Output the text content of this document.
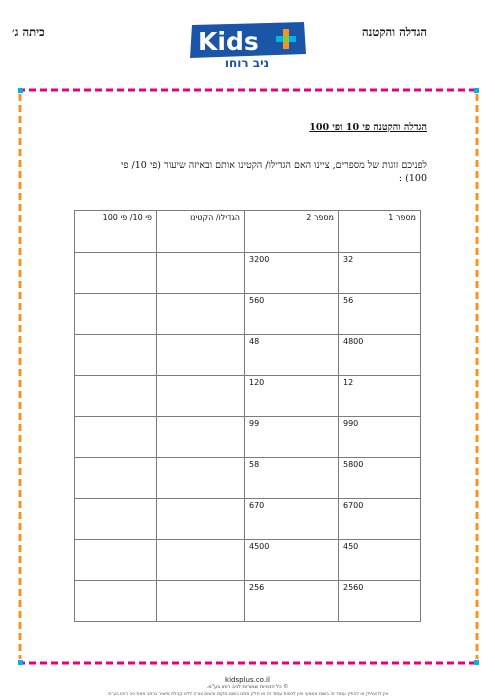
כיתה ג׳	הגדלה והקטנה
Kids
ניב רוחו
הגדלה והקטנה פי 10 ופי 100
לפניכם זוגות של מספרים, ציינו האם הגדילו/ הקטינו אותם ובאיזה שיעור (פי 10/ פי 100) :
מספר 1	מספר 2	הגדילו/ הקטינו	פי 10/ פי 100
32	3200		
56	560		
4800	48		
12	120		
990	99		
5800	58		
6700	670		
450	4500		
2560	256		
kidsplus.co.il
© כל הזכויות שמורות לניב רוחו בע"מ.
אין להעתיק או להפיץ עמוד זה בשום אמצעי ואין לכסות עמוד זה או חלק ממנו בשום מקום ובשום צורה ללא קבלת אישור בכתב מאת ניב רוחו בע"מ.
